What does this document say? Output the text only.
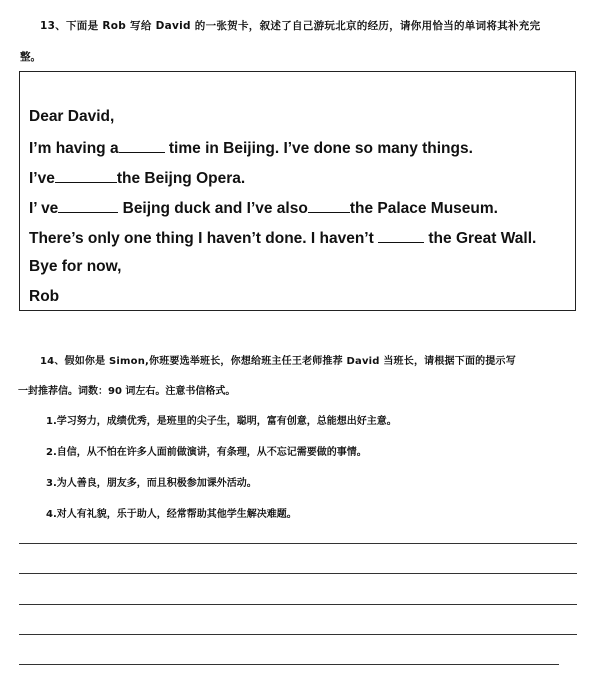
13、下面是 Rob 写给 David 的一张贺卡，叙述了自己游玩北京的经历，请你用恰当的单词将其补充完
整。
Dear David,
I’m having a	time in Beijing. I’ve done so many things.
I’ve	the Beijng Opera.
I’ ve	Beijng duck and I’ve also	the Palace Museum.
There’s only one thing I haven’t done. I haven’t	the Great Wall.
Bye for now,
Rob
14、假如你是 Simon,你班要选举班长，你想给班主任王老师推荐 David 当班长，请根据下面的提示写
一封推荐信。词数：90 词左右。注意书信格式。
1.学习努力，成绩优秀，是班里的尖子生，聪明，富有创意，总能想出好主意。
2.自信，从不怕在许多人面前做演讲，有条理，从不忘记需要做的事情。
3.为人善良，朋友多，而且积极参加课外活动。
4.对人有礼貌，乐于助人，经常帮助其他学生解决难题。
